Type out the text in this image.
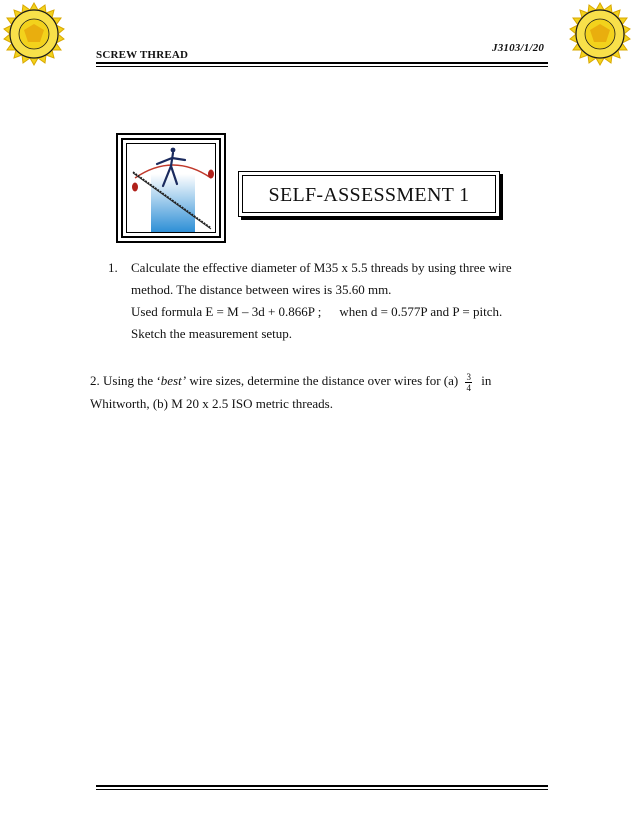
J3103/1/20
SCREW THREAD
SELF-ASSESSMENT 1
1. Calculate the effective diameter of M35 x 5.5 threads by using three wire
method. The distance between wires is 35.60 mm.
Used formula E = M – 3d + 0.866P ; when d = 0.577P and P = pitch.
Sketch the measurement setup.
2. Using the ‘best’ wire sizes, determine the distance over wires for $(a) \frac{3}{4}$ in
Whitworth, (b) M 20 x 2.5 ISO metric threads.
